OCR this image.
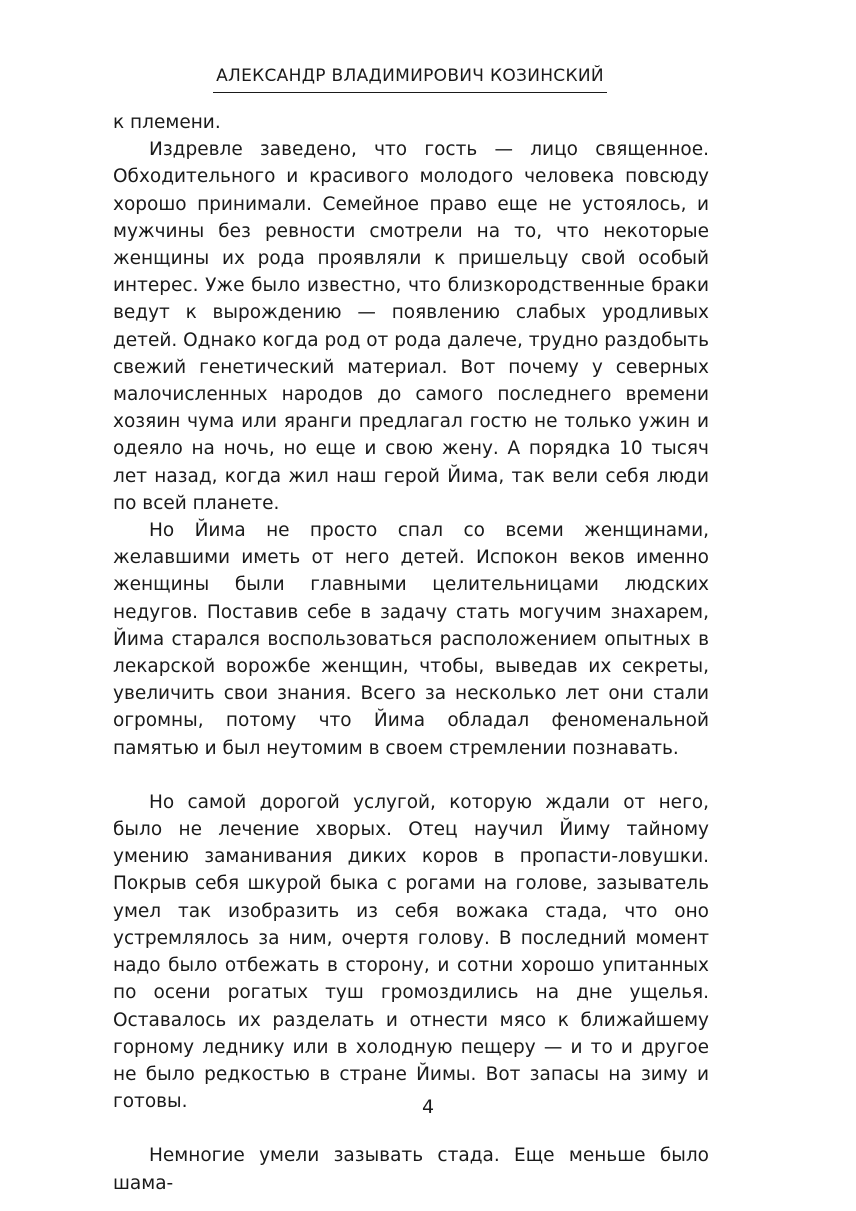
АЛЕКСАНДР ВЛАДИМИРОВИЧ КОЗИНСКИЙ

к племени.

Издревле заведено, что гость — лицо священное. Обходительного и красивого молодого человека повсюду хорошо принимали. Семейное право еще не устоялось, и мужчины без ревности смотрели на то, что некоторые женщины их рода проявляли к пришельцу свой особый интерес. Уже было известно, что близкородственные браки ведут к вырождению — появлению слабых уродливых детей. Однако когда род от рода далече, трудно раздобыть свежий генетический материал. Вот почему у северных малочисленных народов до самого последнего времени хозяин чума или яранги предлагал гостю не только ужин и одеяло на ночь, но еще и свою жену. А порядка 10 тысяч лет назад, когда жил наш герой Йима, так вели себя люди по всей планете.

Но Йима не просто спал со всеми женщинами, желавшими иметь от него детей. Испокон веков именно женщины были главными целительницами людских недугов. Поставив себе в задачу стать могучим знахарем, Йима старался воспользоваться расположением опытных в лекарской ворожбе женщин, чтобы, выведав их секреты, увеличить свои знания. Всего за несколько лет они стали огромны, потому что Йима обладал феноменальной памятью и был неутомим в своем стремлении познавать.

Но самой дорогой услугой, которую ждали от него, было не лечение хворых. Отец научил Йиму тайному умению заманивания диких коров в пропасти-ловушки. Покрыв себя шкурой быка с рогами на голове, зазыватель умел так изобразить из себя вожака стада, что оно устремлялось за ним, очертя голову. В последний момент надо было отбежать в сторону, и сотни хорошо упитанных по осени рогатых туш громоздились на дне ущелья. Оставалось их разделать и отнести мясо к ближайшему горному леднику или в холодную пещеру — и то и другое не было редкостью в стране Йимы. Вот запасы на зиму и готовы.

Немногие умели зазывать стада. Еще меньше было шама-

4
